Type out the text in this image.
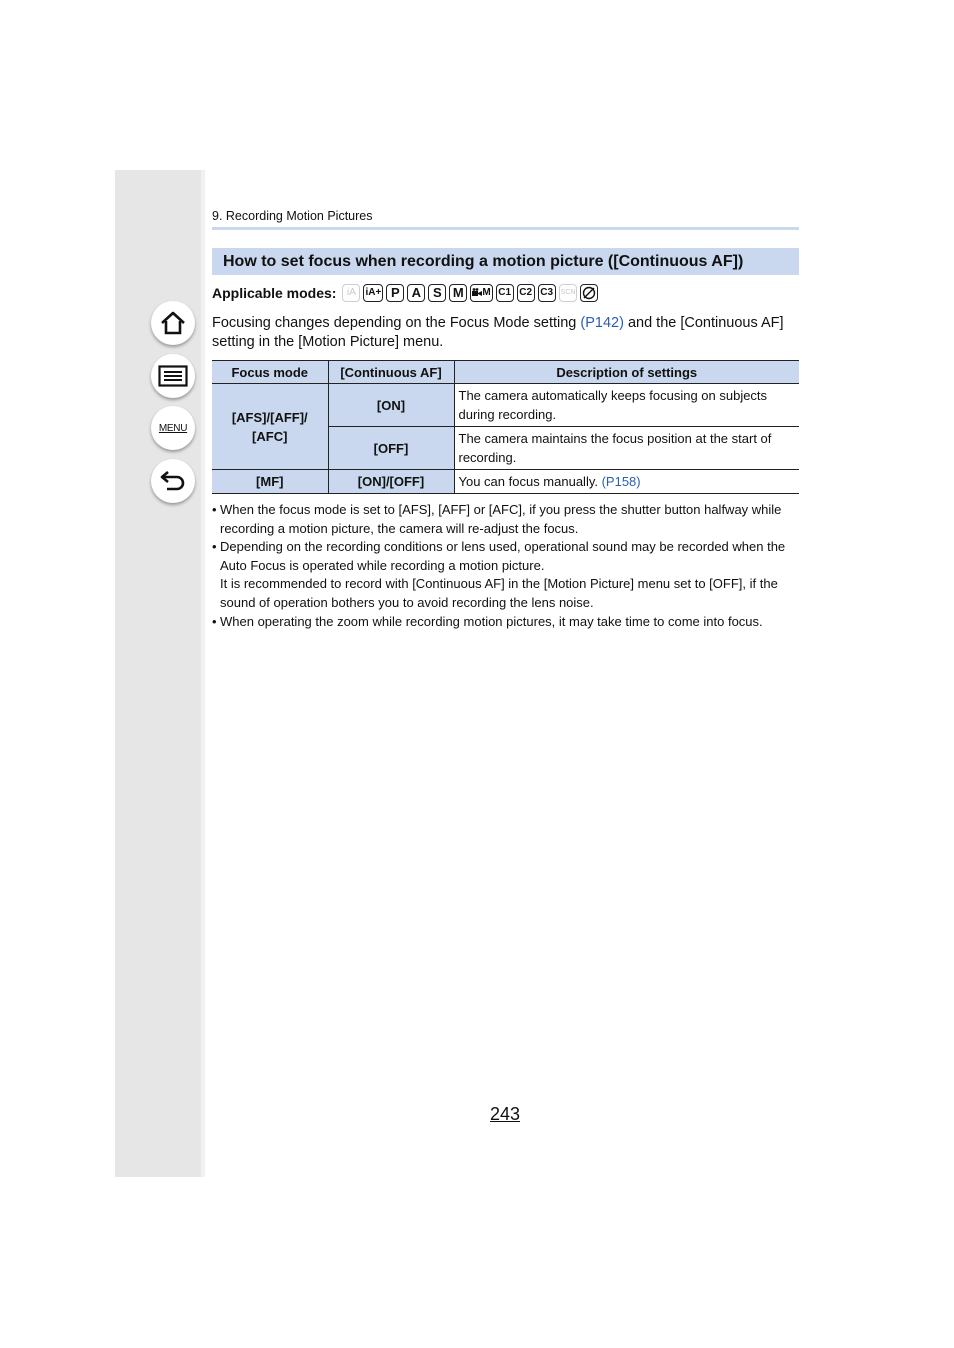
MENU
9. Recording Motion Pictures
How to set focus when recording a motion picture ([Continuous AF])
Applicable modes:	iA iA+ P A S M	M C1 C2 C3	SCN
Focusing changes depending on the Focus Mode setting (P142) and the [Continuous AF] setting in the [Motion Picture] menu.
Focus mode	[Continuous AF]	Description of settings
[AFS]/[AFF]/ [AFC]	[ON]	The camera automatically keeps focusing on subjects during recording.
	[OFF]	The camera maintains the focus position at the start of recording.
[MF]	[ON]/[OFF]	You can focus manually. (P158)
• When the focus mode is set to [AFS], [AFF] or [AFC], if you press the shutter button halfway while recording a motion picture, the camera will re-adjust the focus.
• Depending on the recording conditions or lens used, operational sound may be recorded when the Auto Focus is operated while recording a motion picture.
It is recommended to record with [Continuous AF] in the [Motion Picture] menu set to [OFF], if the sound of operation bothers you to avoid recording the lens noise.
• When operating the zoom while recording motion pictures, it may take time to come into focus.
243
